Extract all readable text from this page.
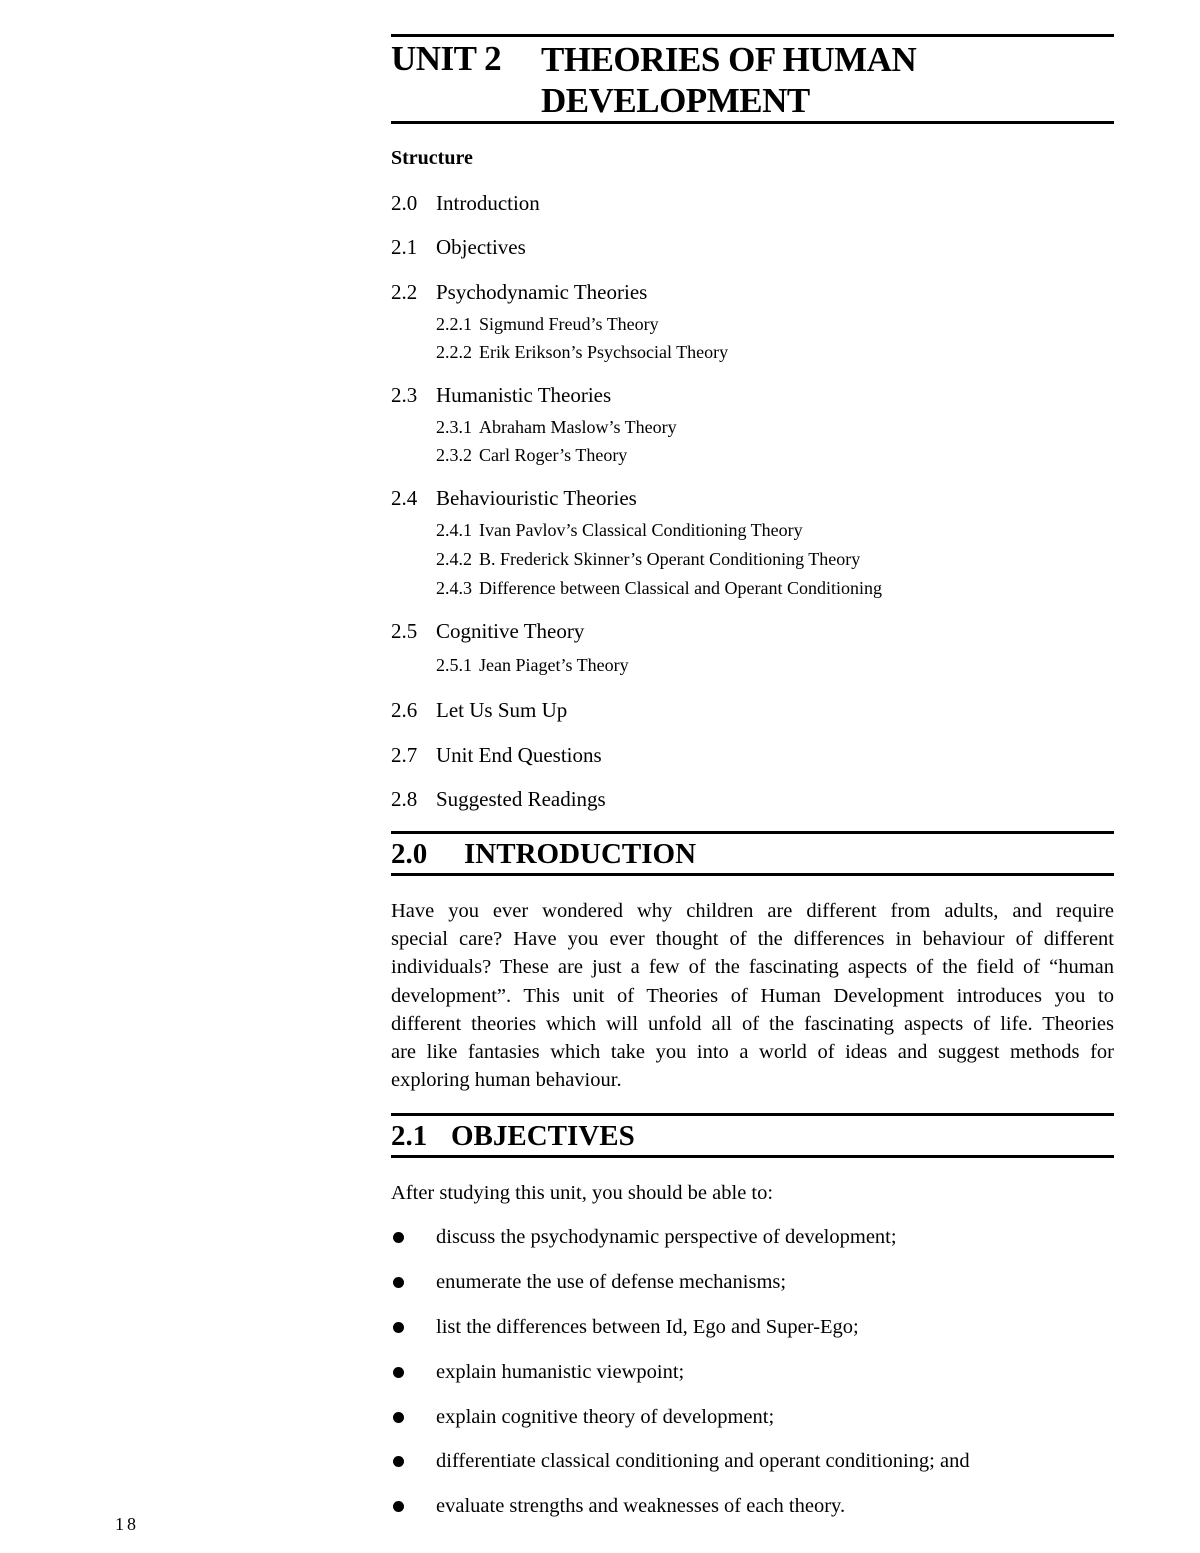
UNIT 2 THEORIES OF HUMAN
DEVELOPMENT
Structure
2.0 Introduction
2.1 Objectives
2.2 Psychodynamic Theories
2.2.1 Sigmund Freud’s Theory
2.2.2 Erik Erikson’s Psychsocial Theory
2.3 Humanistic Theories
2.3.1 Abraham Maslow’s Theory
2.3.2 Carl Roger’s Theory
2.4 Behaviouristic Theories
2.4.1 Ivan Pavlov’s Classical Conditioning Theory
2.4.2 B. Frederick Skinner’s Operant Conditioning Theory
2.4.3 Difference between Classical and Operant Conditioning
2.5 Cognitive Theory
2.5.1 Jean Piaget’s Theory
2.6 Let Us Sum Up
2.7 Unit End Questions
2.8 Suggested Readings
2.0 INTRODUCTION
Have you ever wondered why children are different from adults, and require
special care? Have you ever thought of the differences in behaviour of different
individuals? These are just a few of the fascinating aspects of the field of “human
development”. This unit of Theories of Human Development introduces you to
different theories which will unfold all of the fascinating aspects of life. Theories
are like fantasies which take you into a world of ideas and suggest methods for
exploring human behaviour.
2.1 OBJECTIVES
After studying this unit, you should be able to:
discuss the psychodynamic perspective of development;
enumerate the use of defense mechanisms;
list the differences between Id, Ego and Super-Ego;
explain humanistic viewpoint;
explain cognitive theory of development;
differentiate classical conditioning and operant conditioning; and
evaluate strengths and weaknesses of each theory.
18
